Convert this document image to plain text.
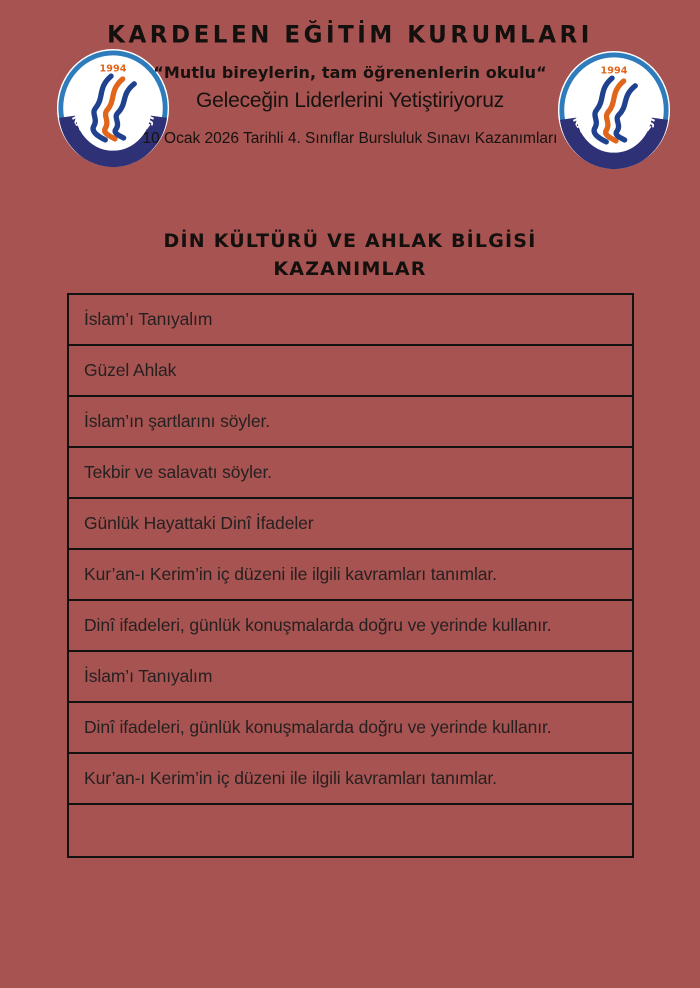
KARDELEN KOLEJİ
1994
KARDELEN KOLEJİ
1994
KARDELEN EĞİTİM KURUMLARI
“Mutlu bireylerin, tam öğrenenlerin okulu“
Geleceğin Liderlerini Yetiştiriyoruz
10 Ocak 2026 Tarihli 4. Sınıflar Bursluluk Sınavı Kazanımları
DİN KÜLTÜRÜ VE AHLAK BİLGİSİ
KAZANIMLAR
İslam’ı Tanıyalım
Güzel Ahlak
İslam’ın şartlarını söyler.
Tekbir ve salavatı söyler.
Günlük Hayattaki Dinî İfadeler
Kur’an-ı Kerim’in iç düzeni ile ilgili kavramları tanımlar.
Dinî ifadeleri, günlük konuşmalarda doğru ve yerinde kullanır.
İslam’ı Tanıyalım
Dinî ifadeleri, günlük konuşmalarda doğru ve yerinde kullanır.
Kur’an-ı Kerim’in iç düzeni ile ilgili kavramları tanımlar.
